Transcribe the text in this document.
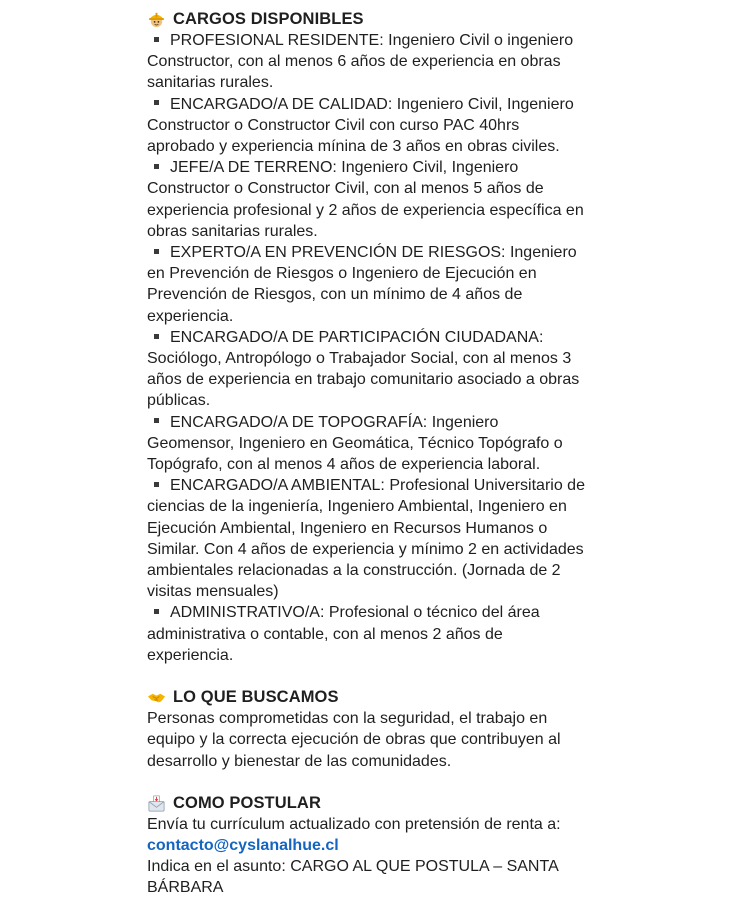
CARGOS DISPONIBLES
PROFESIONAL RESIDENTE: Ingeniero Civil o ingeniero Constructor, con al menos 6 años de experiencia en obras sanitarias rurales.
ENCARGADO/A DE CALIDAD: Ingeniero Civil, Ingeniero Constructor o Constructor Civil con curso PAC 40hrs aprobado y experiencia mínina de 3 años en obras civiles.
JEFE/A DE TERRENO: Ingeniero Civil, Ingeniero Constructor o Constructor Civil, con al menos 5 años de experiencia profesional y 2 años de experiencia específica en obras sanitarias rurales.
EXPERTO/A EN PREVENCIÓN DE RIESGOS: Ingeniero en Prevención de Riesgos o Ingeniero de Ejecución en Prevención de Riesgos, con un mínimo de 4 años de experiencia.
ENCARGADO/A DE PARTICIPACIÓN CIUDADANA: Sociólogo, Antropólogo o Trabajador Social, con al menos 3 años de experiencia en trabajo comunitario asociado a obras públicas.
ENCARGADO/A DE TOPOGRAFÍA: Ingeniero Geomensor, Ingeniero en Geomática, Técnico Topógrafo o Topógrafo, con al menos 4 años de experiencia laboral.
ENCARGADO/A AMBIENTAL: Profesional Universitario de ciencias de la ingeniería, Ingeniero Ambiental, Ingeniero en Ejecución Ambiental, Ingeniero en Recursos Humanos o Similar. Con 4 años de experiencia y mínimo 2 en actividades ambientales relacionadas a la construcción. (Jornada de 2 visitas mensuales)
ADMINISTRATIVO/A: Profesional o técnico del área administrativa o contable, con al menos 2 años de experiencia.
LO QUE BUSCAMOS

Personas comprometidas con la seguridad, el trabajo en equipo y la correcta ejecución de obras que contribuyen al desarrollo y bienestar de las comunidades.

COMO POSTULAR

Envía tu currículum actualizado con pretensión de renta a:

contacto@cyslanalhue.cl

Indica en el asunto: CARGO AL QUE POSTULA – SANTA BÁRBARA
